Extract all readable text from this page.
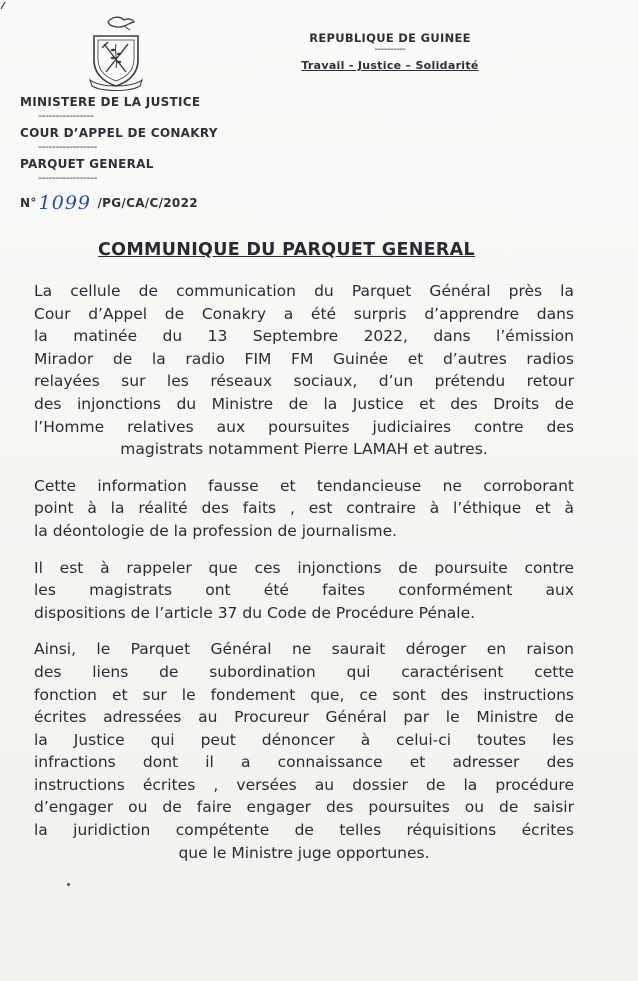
REPUBLIQUE DE GUINEE
----------
Travail - Justice – Solidarité
MINISTERE DE LA JUSTICE
----------------
COUR D’APPEL DE CONAKRY
-----------------
PARQUET GENERAL
-----------------
N° 1099 /PG/CA/C/2022
COMMUNIQUE DU PARQUET GENERAL
La cellule de communication du Parquet Général près la
Cour d’Appel de Conakry a été surpris d’apprendre dans
la matinée du 13 Septembre 2022, dans l’émission
Mirador de la radio FIM FM Guinée et d’autres radios
relayées sur les réseaux sociaux, d’un prétendu retour
des injonctions du Ministre de la Justice et des Droits de
l’Homme relatives aux poursuites judiciaires contre des
magistrats notamment Pierre LAMAH et autres.
Cette information fausse et tendancieuse ne corroborant
point à la réalité des faits , est contraire à l’éthique et à
la déontologie de la profession de journalisme.
Il est à rappeler que ces injonctions de poursuite contre
les magistrats ont été faites conformément aux
dispositions de l’article 37 du Code de Procédure Pénale.
Ainsi, le Parquet Général ne saurait déroger en raison
des liens de subordination qui caractérisent cette
fonction et sur le fondement que, ce sont des instructions
écrites adressées au Procureur Général par le Ministre de
la Justice qui peut dénoncer à celui-ci toutes les
infractions dont il a connaissance et adresser des
instructions écrites , versées au dossier de la procédure
d’engager ou de faire engager des poursuites ou de saisir
la juridiction compétente de telles réquisitions écrites
que le Ministre juge opportunes.
